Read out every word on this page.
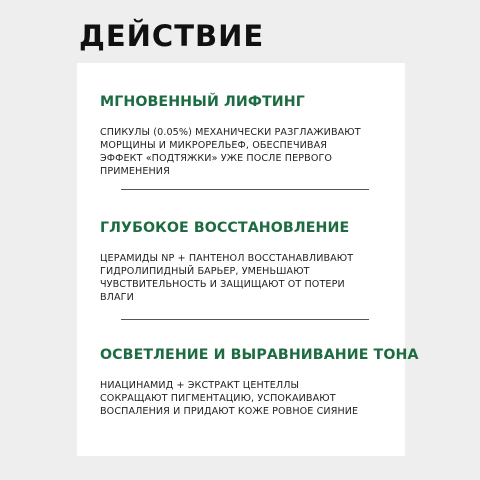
ДЕЙСТВИЕ
МГНОВЕННЫЙ ЛИФТИНГ
СПИКУЛЫ (0.05%) МЕХАНИЧЕСКИ РАЗГЛАЖИВАЮТ
МОРЩИНЫ И МИКРОРЕЛЬЕФ, ОБЕСПЕЧИВАЯ
ЭФФЕКТ «ПОДТЯЖКИ» УЖЕ ПОСЛЕ ПЕРВОГО
ПРИМЕНЕНИЯ
ГЛУБОКОЕ ВОССТАНОВЛЕНИЕ
ЦЕРАМИДЫ NP + ПАНТЕНОЛ ВОССТАНАВЛИВАЮТ
ГИДРОЛИПИДНЫЙ БАРЬЕР, УМЕНЬШАЮТ
ЧУВСТВИТЕЛЬНОСТЬ И ЗАЩИЩАЮТ ОТ ПОТЕРИ
ВЛАГИ
ОСВЕТЛЕНИЕ И ВЫРАВНИВАНИЕ ТОНА
НИАЦИНАМИД + ЭКСТРАКТ ЦЕНТЕЛЛЫ
СОКРАЩАЮТ ПИГМЕНТАЦИЮ, УСПОКАИВАЮТ
ВОСПАЛЕНИЯ И ПРИДАЮТ КОЖЕ РОВНОЕ СИЯНИЕ
